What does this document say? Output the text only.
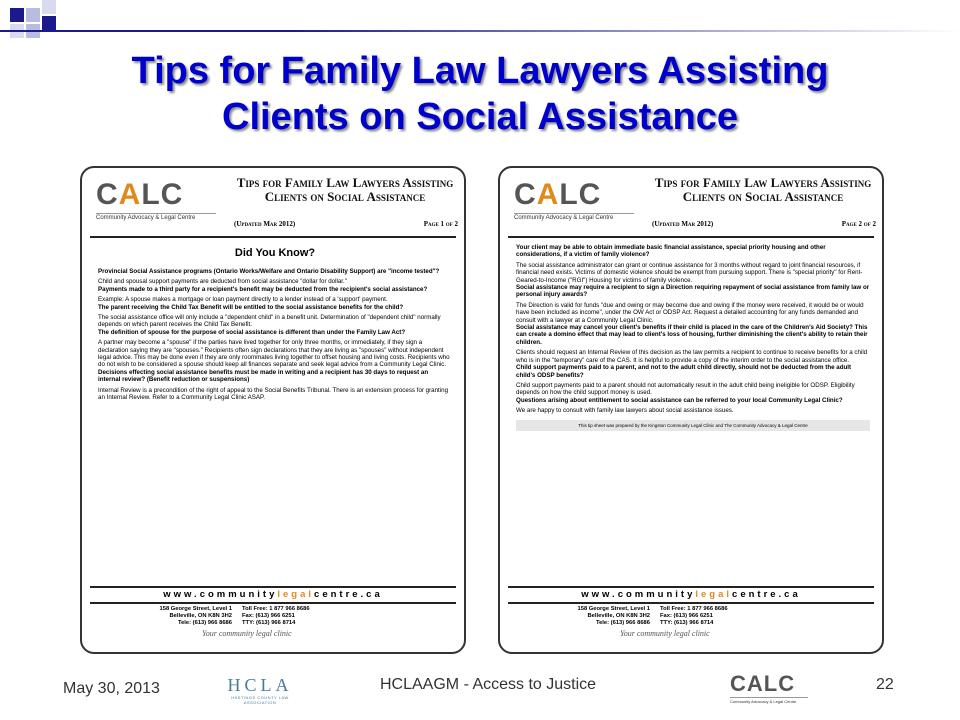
Tips for Family Law Lawyers Assisting
Clients on Social Assistance
CALC
Community Advocacy & Legal Centre
Tips for Family Law Lawyers Assisting Clients on Social Assistance
(Updated Mar 2012)	Page 1 of 2
Did You Know?
Provincial Social Assistance programs (Ontario Works/Welfare and Ontario Disability Support) are "income tested"?
Child and spousal support payments are deducted from social assistance "dollar for dollar."
Payments made to a third party for a recipient's benefit may be deducted from the recipient's social assistance?
Example: A spouse makes a mortgage or loan payment directly to a lender instead of a 'support' payment.
The parent receiving the Child Tax Benefit will be entitled to the social assistance benefits for the child?
The social assistance office will only include a "dependent child" in a benefit unit. Determination of "dependent child" normally depends on which parent receives the Child Tax Benefit.
The definition of spouse for the purpose of social assistance is different than under the Family Law Act?
A partner may become a "spouse" if the parties have lived together for only three months, or immediately, if they sign a declaration saying they are "spouses." Recipients often sign declarations that they are living as "spouses" without independent legal advice. This may be done even if they are only roommates living together to offset housing and living costs. Recipients who do not wish to be considered a spouse should keep all finances separate and seek legal advice from a Community Legal Clinic.
Decisions effecting social assistance benefits must be made in writing and a recipient has 30 days to request an internal review? (Benefit reduction or suspensions)
Internal Review is a precondition of the right of appeal to the Social Benefits Tribunal. There is an extension process for granting an Internal Review. Refer to a Community Legal Clinic ASAP.
www.communitylegalcentre.ca
158 George Street, Level 1
Belleville, ON K8N 3H2
Tele: (613) 966 8686
Toll Free: 1 877 966 8686
Fax: (613) 966 6251
TTY: (613) 966 8714
Your community legal clinic
CALC
Community Advocacy & Legal Centre
Tips for Family Law Lawyers Assisting Clients on Social Assistance
(Updated Mar 2012)	Page 2 of 2
Your client may be able to obtain immediate basic financial assistance, special priority housing and other considerations, if a victim of family violence?
The social assistance administrator can grant or continue assistance for 3 months without regard to joint financial resources, if financial need exists. Victims of domestic violence should be exempt from pursuing support. There is "special priority" for Rent-Geared-to-Income ("RGI") Housing for victims of family violence.
Social assistance may require a recipient to sign a Direction requiring repayment of social assistance from family law or personal injury awards?
The Direction is valid for funds "due and owing or may become due and owing if the money were received, it would be or would have been included as income", under the OW Act or ODSP Act. Request a detailed accounting for any funds demanded and consult with a lawyer at a Community Legal Clinic.
Social assistance may cancel your client's benefits if their child is placed in the care of the Children's Aid Society? This can create a domino effect that may lead to client's loss of housing, further diminishing the client's ability to retain their children.
Clients should request an Internal Review of this decision as the law permits a recipient to continue to receive benefits for a child who is in the "temporary" care of the CAS. It is helpful to provide a copy of the interim order to the social assistance office.
Child support payments paid to a parent, and not to the adult child directly, should not be deducted from the adult child's ODSP benefits?
Child support payments paid to a parent should not automatically result in the adult child being ineligible for ODSP. Eligibility depends on how the child support money is used.
Questions arising about entitlement to social assistance can be referred to your local Community Legal Clinic?
We are happy to consult with family law lawyers about social assistance issues.
This tip sheet was prepared by the Kingston Community Legal Clinic and The Community Advocacy & Legal Centre
www.communitylegalcentre.ca
158 George Street, Level 1
Belleville, ON K8N 3H2
Tele: (613) 966 8686
Toll Free: 1 877 966 8686
Fax: (613) 966 6251
TTY: (613) 966 8714
Your community legal clinic
May 30, 2013	HCLA
HASTINGS COUNTY LAW ASSOCIATION
HCLAAGM - Access to Justice	CALC
Community Advocacy & Legal Centre
22
